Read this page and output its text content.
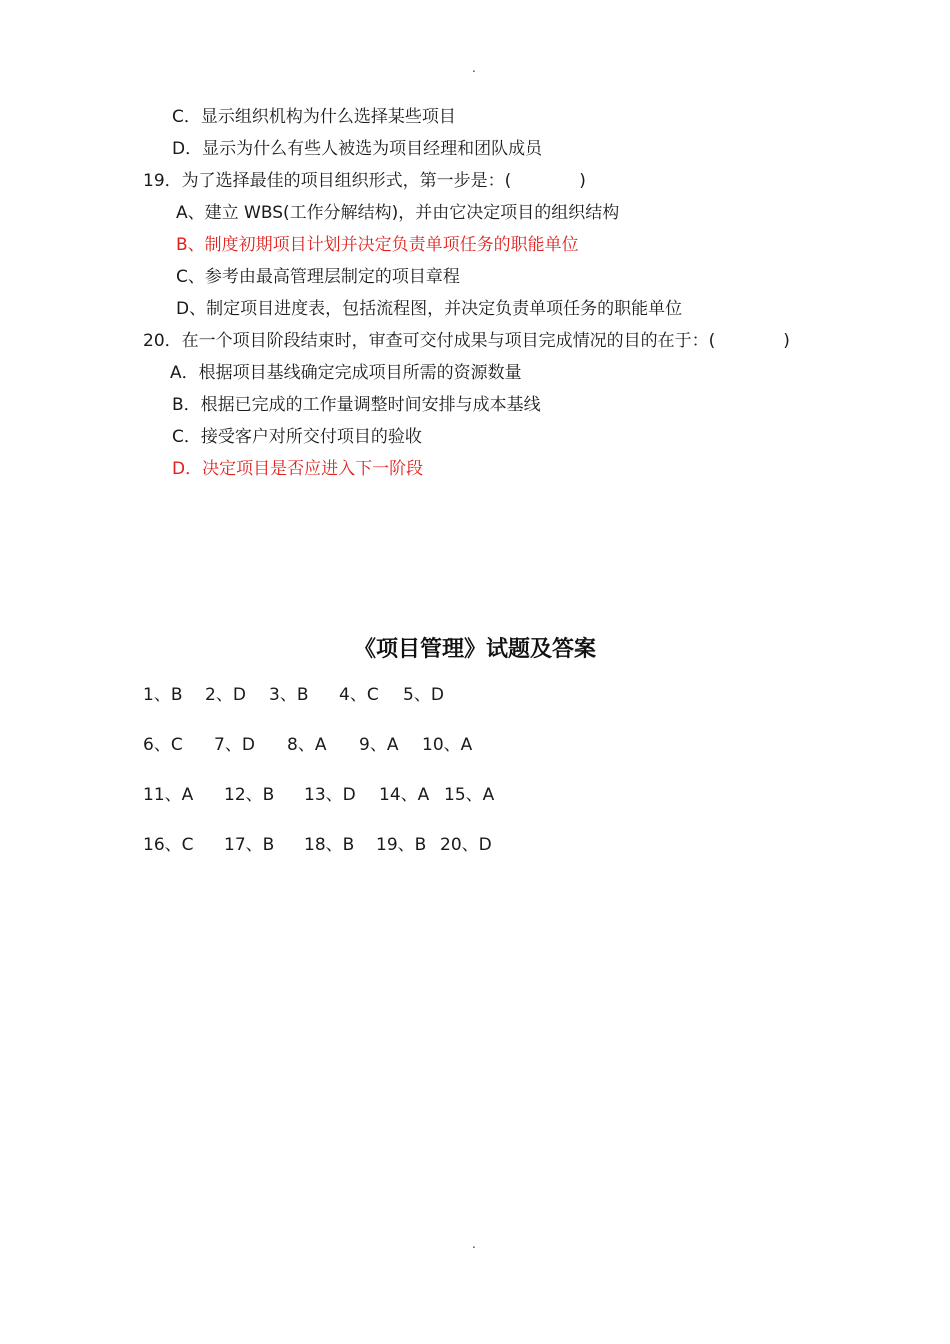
.
C．显示组织机构为什么选择某些项目
D．显示为什么有些人被选为项目经理和团队成员
19．为了选择最佳的项目组织形式，第一步是：(　　　　)
A、建立 WBS(工作分解结构)，并由它决定项目的组织结构
B、制度初期项目计划并决定负责单项任务的职能单位
C、参考由最高管理层制定的项目章程
D、制定项目进度表，包括流程图，并决定负责单项任务的职能单位
20．在一个项目阶段结束时，审查可交付成果与项目完成情况的目的在于：(　　　　)
A．根据项目基线确定完成项目所需的资源数量
B．根据已完成的工作量调整时间安排与成本基线
C．接受客户对所交付项目的验收
D．决定项目是否应进入下一阶段
《项目管理》试题及答案
1、B 2、D 3、B 4、C 5、D
6、C 7、D 8、A 9、A 10、A
11、A 12、B 13、D 14、A 15、A
16、C 17、B 18、B 19、B 20、D
.
